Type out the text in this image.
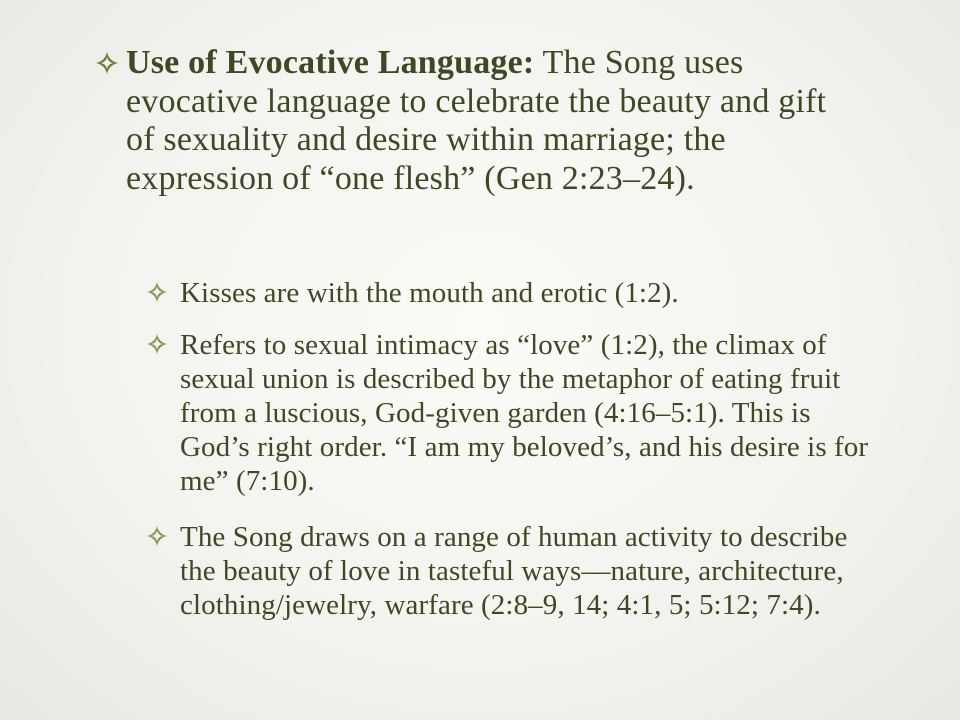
Use of Evocative Language: The Song uses evocative language to celebrate the beauty and gift of sexuality and desire within marriage; the expression of “one flesh” (Gen 2:23–24).
Kisses are with the mouth and erotic (1:2).
Refers to sexual intimacy as “love” (1:2), the climax of sexual union is described by the metaphor of eating fruit from a luscious, God-given garden (4:16–5:1). This is God’s right order. “I am my beloved’s, and his desire is for me” (7:10).
The Song draws on a range of human activity to describe the beauty of love in tasteful ways––nature, architecture, clothing/jewelry, warfare (2:8–9, 14; 4:1, 5; 5:12; 7:4).
